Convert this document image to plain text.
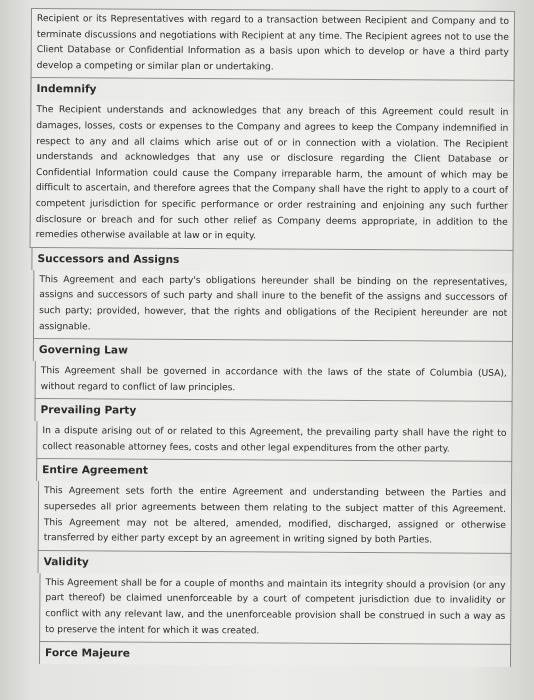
Recipient or its Representatives with regard to a transaction between Recipient and Company and to terminate discussions and negotiations with Recipient at any time. The Recipient agrees not to use the Client Database or Confidential Information as a basis upon which to develop or have a third party develop a competing or similar plan or undertaking.

Indemnify

The Recipient understands and acknowledges that any breach of this Agreement could result in damages, losses, costs or expenses to the Company and agrees to keep the Company indemnified in respect to any and all claims which arise out of or in connection with a violation. The Recipient understands and acknowledges that any use or disclosure regarding the Client Database or Confidential Information could cause the Company irreparable harm, the amount of which may be difficult to ascertain, and therefore agrees that the Company shall have the right to apply to a court of competent jurisdiction for specific performance or order restraining and enjoining any such further disclosure or breach and for such other relief as Company deems appropriate, in addition to the remedies otherwise available at law or in equity.

Successors and Assigns

This Agreement and each party's obligations hereunder shall be binding on the representatives, assigns and successors of such party and shall inure to the benefit of the assigns and successors of such party; provided, however, that the rights and obligations of the Recipient hereunder are not assignable.

Governing Law

This Agreement shall be governed in accordance with the laws of the state of Columbia (USA), without regard to conflict of law principles.

Prevailing Party

In a dispute arising out of or related to this Agreement, the prevailing party shall have the right to collect reasonable attorney fees, costs and other legal expenditures from the other party.

Entire Agreement

This Agreement sets forth the entire Agreement and understanding between the Parties and supersedes all prior agreements between them relating to the subject matter of this Agreement. This Agreement may not be altered, amended, modified, discharged, assigned or otherwise transferred by either party except by an agreement in writing signed by both Parties.

Validity

This Agreement shall be for a couple of months and maintain its integrity should a provision (or any part thereof) be claimed unenforceable by a court of competent jurisdiction due to invalidity or conflict with any relevant law, and the unenforceable provision shall be construed in such a way as to preserve the intent for which it was created.

Force Majeure
